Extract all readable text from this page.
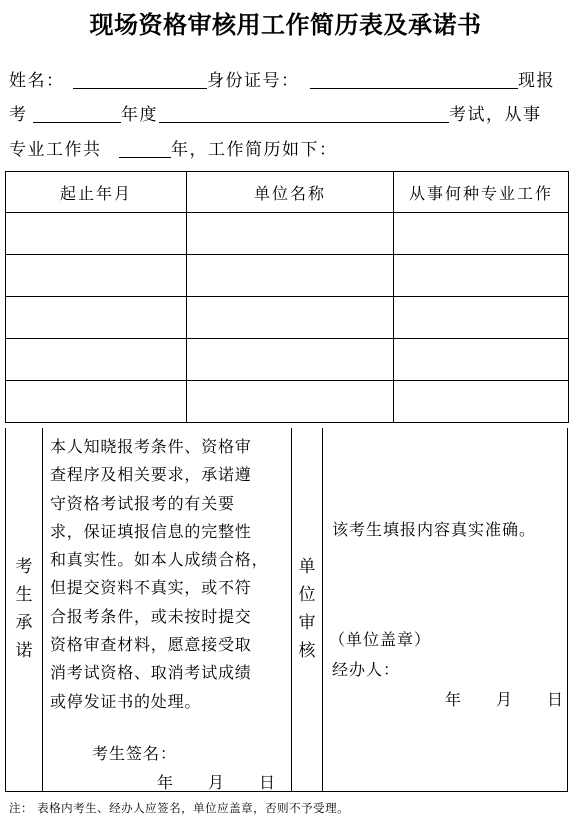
现场资格审核用工作简历表及承诺书
姓名：	身份证号：	现报
考	年度	考试，从事
专业工作共	年，工作简历如下：
起止年月	单位名称	从事何种专业工作

考
生
承
诺

本人知晓报考条件、资格审
查程序及相关要求，承诺遵
守资格考试报考的有关要
求，保证填报信息的完整性
和真实性。如本人成绩合格，
但提交资料不真实，或不符
合报考条件，或未按时提交
资格审查材料，愿意接受取
消考试资格、取消考试成绩
或停发证书的处理。

考生签名：
年　　月　　日
单
位
审
核
该考生填报内容真实准确。
（单位盖章）
经办人：
年　　月　　日
注： 表格内考生、经办人应签名，单位应盖章，否则不予受理。
